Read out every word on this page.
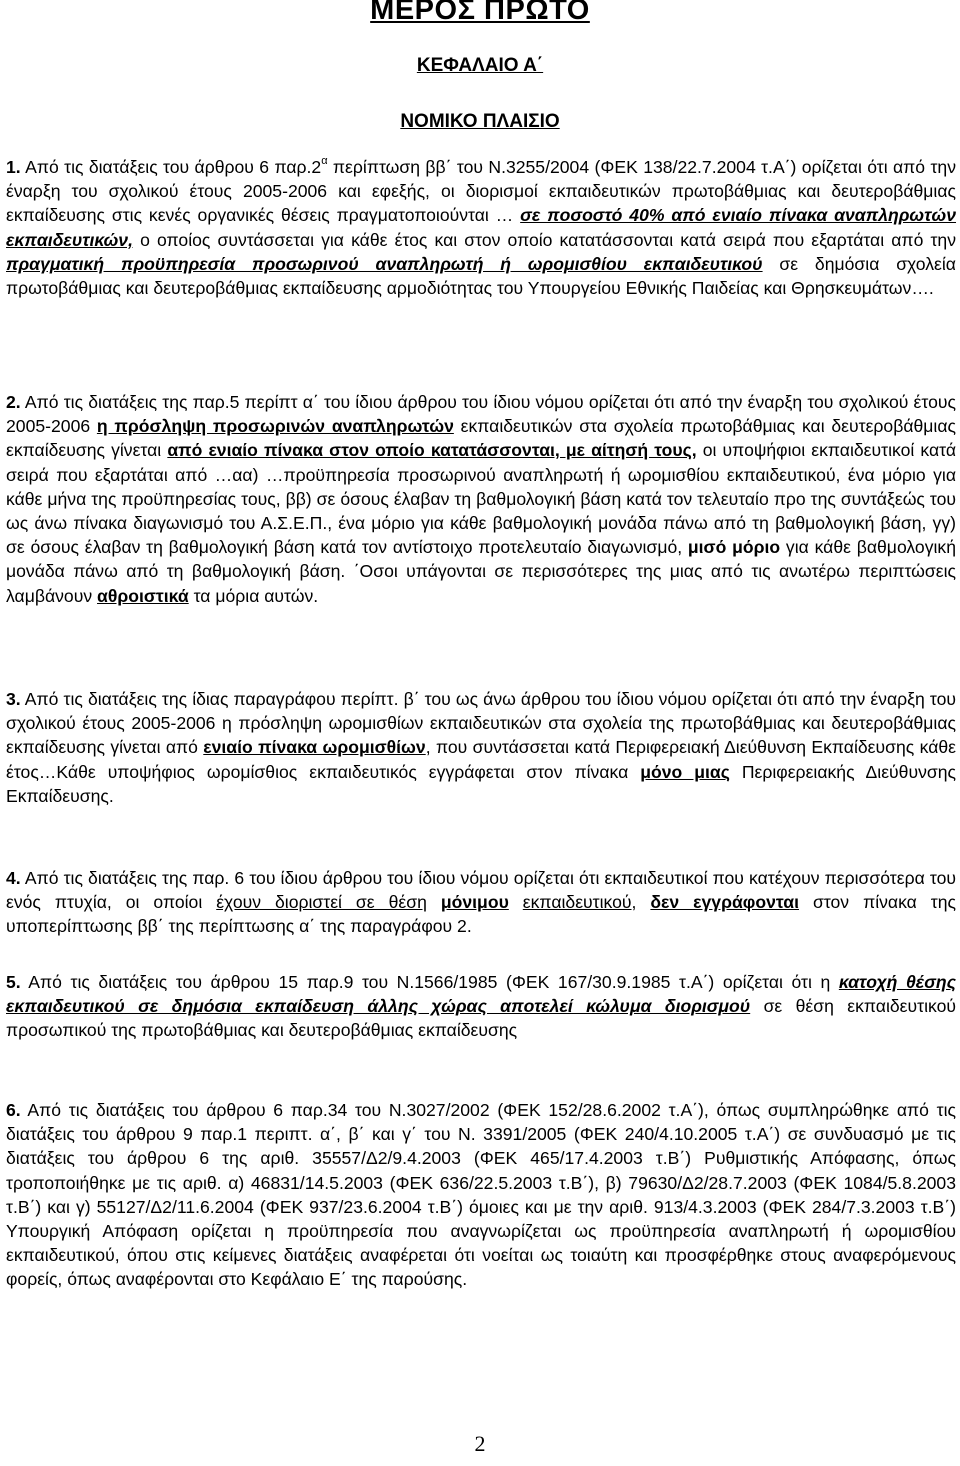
ΜΕΡΟΣ ΠΡΩΤΟ
ΚΕΦΑΛΑΙΟ Α΄
ΝΟΜΙΚΟ ΠΛΑΙΣΙΟ
1. Από τις διατάξεις του άρθρου 6 $\pi\alpha\rho.2^\alpha$ περίπτωση ββ΄ του Ν.3255/2004 (ΦΕΚ 138/22.7.2004 τ.Α΄) ορίζεται ότι από την έναρξη του σχολικού έτους 2005-2006 και εφεξής, οι διορισμοί εκπαιδευτικών πρωτοβάθμιας και δευτεροβάθμιας εκπαίδευσης στις κενές οργανικές θέσεις πραγματοποιούνται … σε ποσοστό 40% από ενιαίο πίνακα αναπληρωτών εκπαιδευτικών, ο οποίος συντάσσεται για κάθε έτος και στον οποίο κατατάσσονται κατά σειρά που εξαρτάται από την πραγματική προϋπηρεσία προσωρινού αναπληρωτή ή ωρομισθίου εκπαιδευτικού σε δημόσια σχολεία πρωτοβάθμιας και δευτεροβάθμιας εκπαίδευσης αρμοδιότητας του Υπουργείου Εθνικής Παιδείας και Θρησκευμάτων….
2. Από τις διατάξεις της παρ.5 περίπτ α΄ του ίδιου άρθρου του ίδιου νόμου ορίζεται ότι από την έναρξη του σχολικού έτους 2005-2006 η πρόσληψη προσωρινών αναπληρωτών εκπαιδευτικών στα σχολεία πρωτοβάθμιας και δευτεροβάθμιας εκπαίδευσης γίνεται από ενιαίο πίνακα στον οποίο κατατάσσονται, με αίτησή τους, οι υποψήφιοι εκπαιδευτικοί κατά σειρά που εξαρτάται από …αα) …προϋπηρεσία προσωρινού αναπληρωτή ή ωρομισθίου εκπαιδευτικού, ένα μόριο για κάθε μήνα της προϋπηρεσίας τους, ββ) σε όσους έλαβαν τη βαθμολογική βάση κατά τον τελευταίο προ της συντάξεώς του ως άνω πίνακα διαγωνισμό του Α.Σ.Ε.Π., ένα μόριο για κάθε βαθμολογική μονάδα πάνω από τη βαθμολογική βάση, γγ) σε όσους έλαβαν τη βαθμολογική βάση κατά τον αντίστοιχο προτελευταίο διαγωνισμό, μισό μόριο για κάθε βαθμολογική μονάδα πάνω από τη βαθμολογική βάση. ΄Οσοι υπάγονται σε περισσότερες της μιας από τις ανωτέρω περιπτώσεις λαμβάνουν αθροιστικά τα μόρια αυτών.
3. Από τις διατάξεις της ίδιας παραγράφου περίπτ. β΄ του ως άνω άρθρου του ίδιου νόμου ορίζεται ότι από την έναρξη του σχολικού έτους 2005-2006 η πρόσληψη ωρομισθίων εκπαιδευτικών στα σχολεία της πρωτοβάθμιας και δευτεροβάθμιας εκπαίδευσης γίνεται από ενιαίο πίνακα ωρομισθίων, που συντάσσεται κατά Περιφερειακή Διεύθυνση Εκπαίδευσης κάθε έτος…Κάθε υποψήφιος ωρομίσθιος εκπαιδευτικός εγγράφεται στον πίνακα μόνο μιας Περιφερειακής Διεύθυνσης Εκπαίδευσης.
4. Από τις διατάξεις της παρ. 6 του ίδιου άρθρου του ίδιου νόμου ορίζεται ότι εκπαιδευτικοί που κατέχουν περισσότερα του ενός πτυχία, οι οποίοι έχουν διοριστεί σε θέση μόνιμου εκπαιδευτικού, δεν εγγράφονται στον πίνακα της υποπερίπτωσης ββ΄ της περίπτωσης α΄ της παραγράφου 2.
5. Από τις διατάξεις του άρθρου 15 παρ.9 του Ν.1566/1985 (ΦΕΚ 167/30.9.1985 τ.Α΄) ορίζεται ότι η κατοχή θέσης εκπαιδευτικού σε δημόσια εκπαίδευση άλλης χώρας αποτελεί κώλυμα διορισμού σε θέση εκπαιδευτικού προσωπικού της πρωτοβάθμιας και δευτεροβάθμιας εκπαίδευσης
6. Από τις διατάξεις του άρθρου 6 παρ.34 του Ν.3027/2002 (ΦΕΚ 152/28.6.2002 τ.Α΄), όπως συμπληρώθηκε από τις διατάξεις του άρθρου 9 παρ.1 περιπτ. α΄, β΄ και γ΄ του Ν. 3391/2005 (ΦΕΚ 240/4.10.2005 τ.Α΄) σε συνδυασμό με τις διατάξεις του άρθρου 6 της αριθ. 35557/Δ2/9.4.2003 (ΦΕΚ 465/17.4.2003 τ.Β΄) Ρυθμιστικής Απόφασης, όπως τροποποιήθηκε με τις αριθ. α) 46831/14.5.2003 (ΦΕΚ 636/22.5.2003 τ.Β΄), β) 79630/Δ2/28.7.2003 (ΦΕΚ 1084/5.8.2003 τ.Β΄) και γ) 55127/Δ2/11.6.2004 (ΦΕΚ 937/23.6.2004 τ.Β΄) όμοιες και με την αριθ. 913/4.3.2003 (ΦΕΚ 284/7.3.2003 τ.Β΄) Υπουργική Απόφαση ορίζεται η προϋπηρεσία που αναγνωρίζεται ως προϋπηρεσία αναπληρωτή ή ωρομισθίου εκπαιδευτικού, όπου στις κείμενες διατάξεις αναφέρεται ότι νοείται ως τοιαύτη και προσφέρθηκε στους αναφερόμενους φορείς, όπως αναφέρονται στο Κεφάλαιο Ε΄ της παρούσης.
2
